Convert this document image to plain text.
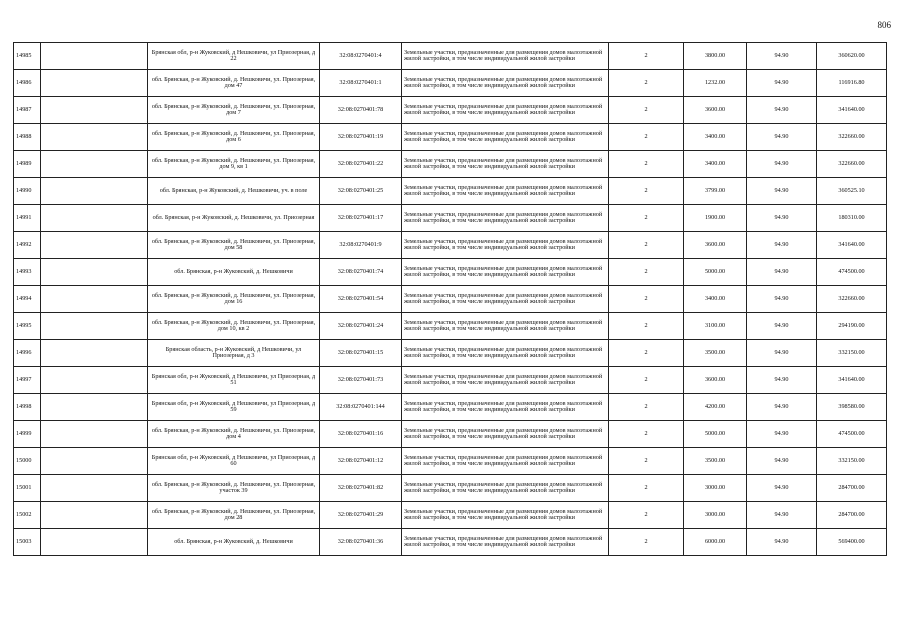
806
14985		Брянская обл, р-н Жуковский, д Нешковичи, ул Приозерная, д 22	32:08:0270401:4	Земельные участки, предназначенные для размещения домов малоэтажной жилой застройки, в том числе индивидуальной жилой застройки	2	3800.00	94.90	360620.00
14986		обл. Брянская, р-н Жуковский, д. Нешковичи, ул. Приозерная, дом 47	32:08:0270401:1	Земельные участки, предназначенные для размещения домов малоэтажной жилой застройки, в том числе индивидуальной жилой застройки	2	1232.00	94.90	116916.80
14987		обл. Брянская, р-н Жуковский, д. Нешковичи, ул. Приозерная, дом 7	32:08:0270401:78	Земельные участки, предназначенные для размещения домов малоэтажной жилой застройки, в том числе индивидуальной жилой застройки	2	3600.00	94.90	341640.00
14988		обл. Брянская, р-н Жуковский, д. Нешковичи, ул. Приозерная, дом 6	32:08:0270401:19	Земельные участки, предназначенные для размещения домов малоэтажной жилой застройки, в том числе индивидуальной жилой застройки	2	3400.00	94.90	322660.00
14989		обл. Брянская, р-н Жуковский, д. Нешковичи, ул. Приозерная, дом 9, кв 1	32:08:0270401:22	Земельные участки, предназначенные для размещения домов малоэтажной жилой застройки, в том числе индивидуальной жилой застройки	2	3400.00	94.90	322660.00
14990		обл. Брянская, р-н Жуковский, д. Нешковичи, уч. в поле	32:08:0270401:25	Земельные участки, предназначенные для размещения домов малоэтажной жилой застройки, в том числе индивидуальной жилой застройки	2	3799.00	94.90	360525.10
14991		обл. Брянская, р-н Жуковский, д. Нешковичи, ул. Приозерная	32:08:0270401:17	Земельные участки, предназначенные для размещения домов малоэтажной жилой застройки, в том числе индивидуальной жилой застройки	2	1900.00	94.90	180310.00
14992		обл. Брянская, р-н Жуковский, д. Нешковичи, ул. Приозерная, дом 58	32:08:0270401:9	Земельные участки, предназначенные для размещения домов малоэтажной жилой застройки, в том числе индивидуальной жилой застройки	2	3600.00	94.90	341640.00
14993		обл. Брянская, р-н Жуковский, д. Нешковичи	32:08:0270401:74	Земельные участки, предназначенные для размещения домов малоэтажной жилой застройки, в том числе индивидуальной жилой застройки	2	5000.00	94.90	474500.00
14994		обл. Брянская, р-н Жуковский, д. Нешковичи, ул. Приозерная, дом 16	32:08:0270401:54	Земельные участки, предназначенные для размещения домов малоэтажной жилой застройки, в том числе индивидуальной жилой застройки	2	3400.00	94.90	322660.00
14995		обл. Брянская, р-н Жуковский, д. Нешковичи, ул. Приозерная, дом 10, кв 2	32:08:0270401:24	Земельные участки, предназначенные для размещения домов малоэтажной жилой застройки, в том числе индивидуальной жилой застройки	2	3100.00	94.90	294190.00
14996		Брянская область, р-н Жуковский, д Нешковичи, ул Приозерная, д 3	32:08:0270401:15	Земельные участки, предназначенные для размещения домов малоэтажной жилой застройки, в том числе индивидуальной жилой застройки	2	3500.00	94.90	332150.00
14997		Брянская обл, р-н Жуковский, д Нешковичи, ул Приозерная, д 51	32:08:0270401:73	Земельные участки, предназначенные для размещения домов малоэтажной жилой застройки, в том числе индивидуальной жилой застройки	2	3600.00	94.90	341640.00
14998		Брянская обл, р-н Жуковский, д Нешковичи, ул Приозерная, д 59	32:08:0270401:144	Земельные участки, предназначенные для размещения домов малоэтажной жилой застройки, в том числе индивидуальной жилой застройки	2	4200.00	94.90	398580.00
14999		обл. Брянская, р-н Жуковский, д. Нешковичи, ул. Приозерная, дом 4	32:08:0270401:16	Земельные участки, предназначенные для размещения домов малоэтажной жилой застройки, в том числе индивидуальной жилой застройки	2	5000.00	94.90	474500.00
15000		Брянская обл, р-н Жуковский, д Нешковичи, ул Приозерная, д 60	32:08:0270401:12	Земельные участки, предназначенные для размещения домов малоэтажной жилой застройки, в том числе индивидуальной жилой застройки	2	3500.00	94.90	332150.00
15001		обл. Брянская, р-н Жуковский, д. Нешковичи, ул. Приозерная, участок 39	32:08:0270401:82	Земельные участки, предназначенные для размещения домов малоэтажной жилой застройки, в том числе индивидуальной жилой застройки	2	3000.00	94.90	284700.00
15002		обл. Брянская, р-н Жуковский, д. Нешковичи, ул. Приозерная, дом 28	32:08:0270401:29	Земельные участки, предназначенные для размещения домов малоэтажной жилой застройки, в том числе индивидуальной жилой застройки	2	3000.00	94.90	284700.00
15003		обл. Брянская, р-н Жуковский, д. Нешковичи	32:08:0270401:36	Земельные участки, предназначенные для размещения домов малоэтажной жилой застройки, в том числе индивидуальной жилой застройки	2	6000.00	94.90	569400.00
